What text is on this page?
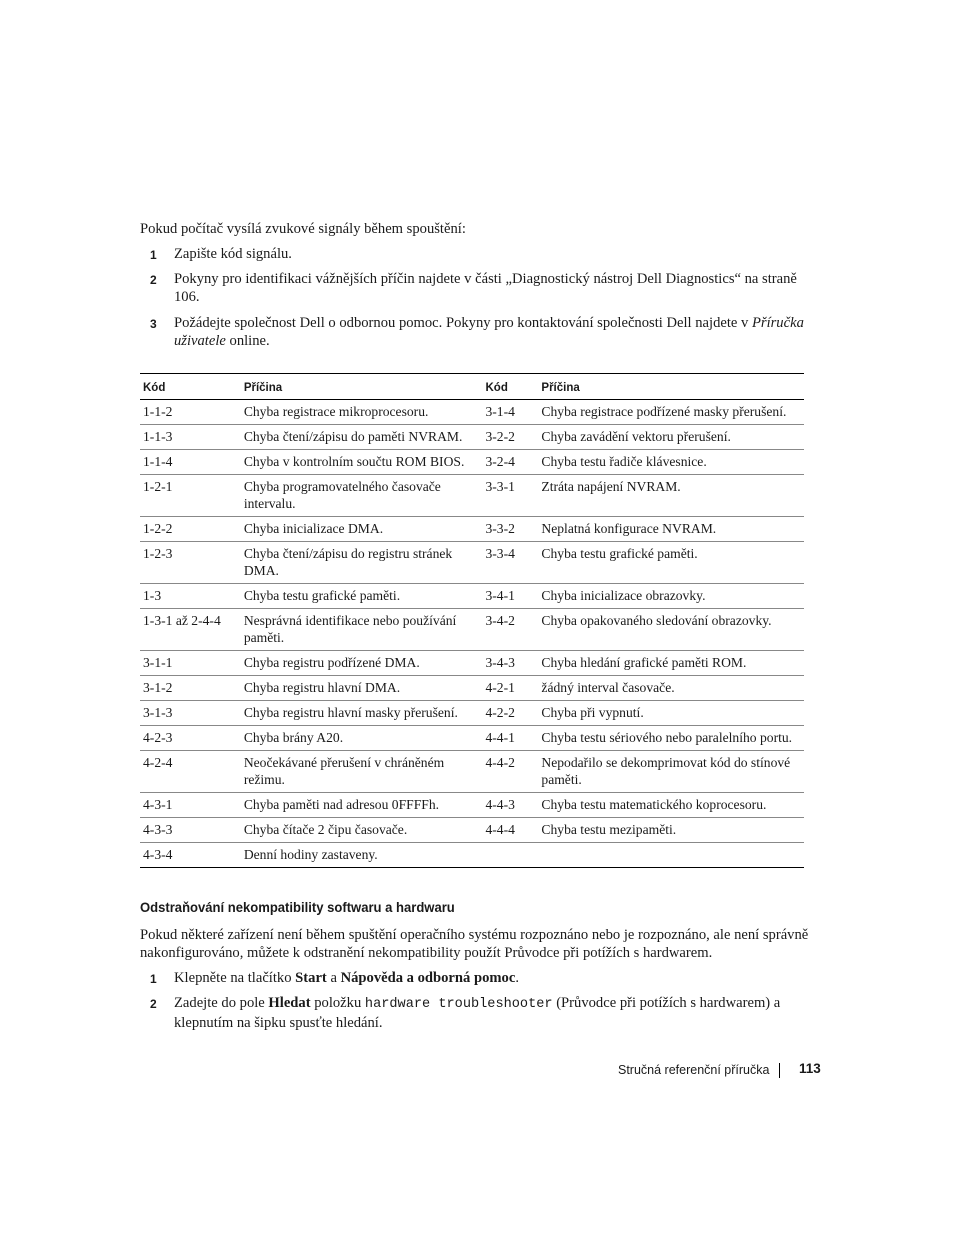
Pokud počítač vysílá zvukové signály během spouštění:

1 Zapište kód signálu.
2 Pokyny pro identifikaci vážnějších příčin najdete v části „Diagnostický nástroj Dell Diagnostics“ na straně 106.
3 Požádejte společnost Dell o odbornou pomoc. Pokyny pro kontaktování společnosti Dell najdete v Příručka uživatele online.
Kód	Příčina	Kód	Příčina
1-1-2	Chyba registrace mikroprocesoru.	3-1-4	Chyba registrace podřízené masky přerušení.
1-1-3	Chyba čtení/zápisu do paměti NVRAM.	3-2-2	Chyba zavádění vektoru přerušení.
1-1-4	Chyba v kontrolním součtu ROM BIOS.	3-2-4	Chyba testu řadiče klávesnice.
1-2-1	Chyba programovatelného časovače intervalu.	3-3-1	Ztráta napájení NVRAM.
1-2-2	Chyba inicializace DMA.	3-3-2	Neplatná konfigurace NVRAM.
1-2-3	Chyba čtení/zápisu do registru stránek DMA.	3-3-4	Chyba testu grafické paměti.
1-3	Chyba testu grafické paměti.	3-4-1	Chyba inicializace obrazovky.
1-3-1 až 2-4-4	Nesprávná identifikace nebo používání paměti.	3-4-2	Chyba opakovaného sledování obrazovky.
3-1-1	Chyba registru podřízené DMA.	3-4-3	Chyba hledání grafické paměti ROM.
3-1-2	Chyba registru hlavní DMA.	4-2-1	žádný interval časovače.
3-1-3	Chyba registru hlavní masky přerušení.	4-2-2	Chyba při vypnutí.
4-2-3	Chyba brány A20.	4-4-1	Chyba testu sériového nebo paralelního portu.
4-2-4	Neočekávané přerušení v chráněném režimu.	4-4-2	Nepodařilo se dekomprimovat kód do stínové paměti.
4-3-1	Chyba paměti nad adresou 0FFFFh.	4-4-3	Chyba testu matematického koprocesoru.
4-3-3	Chyba čítače 2 čipu časovače.	4-4-4	Chyba testu mezipaměti.
4-3-4	Denní hodiny zastaveny.		
Odstraňování nekompatibility softwaru a hardwaru

Pokud některé zařízení není během spuštění operačního systému rozpoznáno nebo je rozpoznáno, ale není správně nakonfigurováno, můžete k odstranění nekompatibility použít Průvodce při potížích s hardwarem.

1 Klepněte na tlačítko Start a Nápověda a odborná pomoc.
2 Zadejte do pole Hledat položku hardware troubleshooter (Průvodce při potížích s hardwarem) a klepnutím na šipku spusťte hledání.
Stručná referenční příručka 113
